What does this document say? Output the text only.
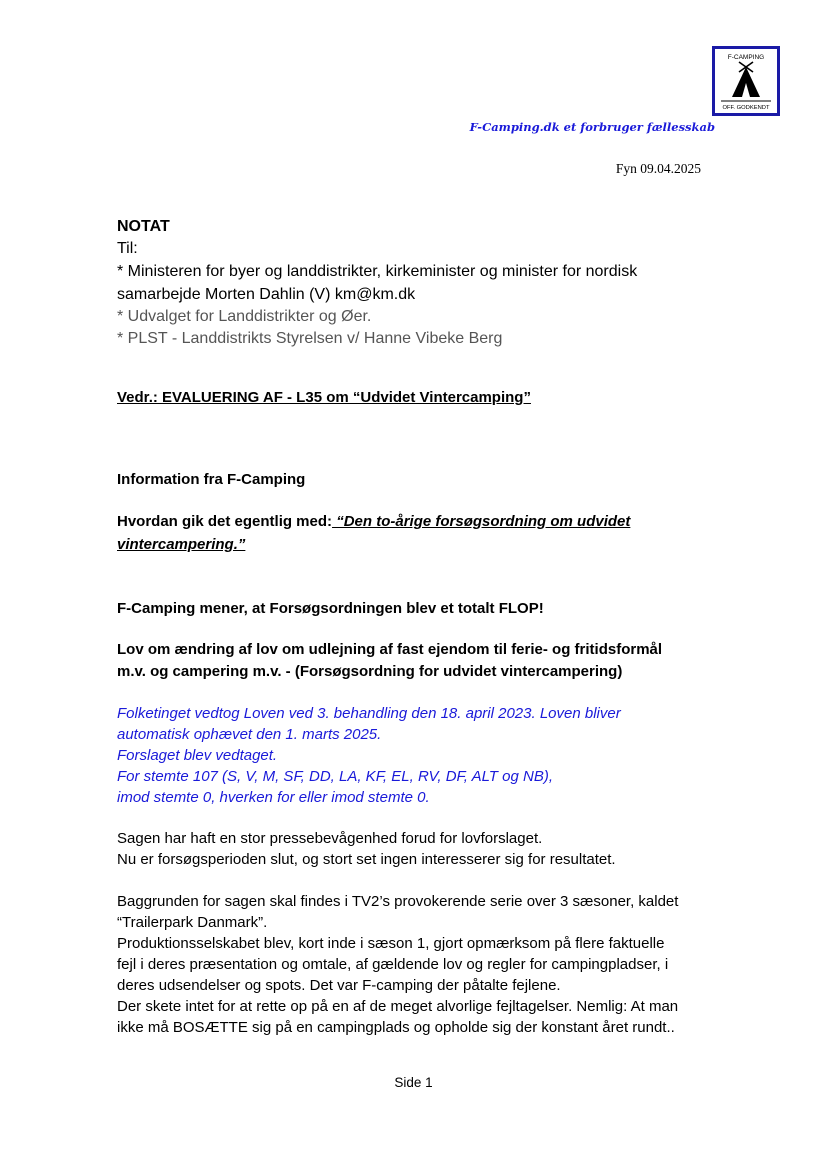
F-CAMPING
OFF. GODKENDT
F-Camping.dk et forbruger fællesskab
Fyn 09.04.2025
NOTAT
Til:
* Ministeren for byer og landdistrikter, kirkeminister og minister for nordisk
samarbejde Morten Dahlin (V) km@km.dk
* Udvalget for Landdistrikter og Øer.
* PLST - Landdistrikts Styrelsen v/ Hanne Vibeke Berg
Vedr.: EVALUERING AF - L35 om “Udvidet Vintercamping”
Information fra F-Camping
Hvordan gik det egentlig med: “Den to-årige forsøgsordning om udvidet
vintercampering.”
F-Camping mener, at Forsøgsordningen blev et totalt FLOP!
Lov om ændring af lov om udlejning af fast ejendom til ferie- og fritidsformål
m.v. og campering m.v. - (Forsøgsordning for udvidet vintercampering)
Folketinget vedtog Loven ved 3. behandling den 18. april 2023. Loven bliver
automatisk ophævet den 1. marts 2025.
Forslaget blev vedtaget.
For stemte 107 (S, V, M, SF, DD, LA, KF, EL, RV, DF, ALT og NB),
imod stemte 0, hverken for eller imod stemte 0.
Sagen har haft en stor pressebevågenhed forud for lovforslaget.
Nu er forsøgsperioden slut, og stort set ingen interesserer sig for resultatet.
Baggrunden for sagen skal findes i TV2’s provokerende serie over 3 sæsoner, kaldet
“Trailerpark Danmark”.
Produktionsselskabet blev, kort inde i sæson 1, gjort opmærksom på flere faktuelle
fejl i deres præsentation og omtale, af gældende lov og regler for campingpladser, i
deres udsendelser og spots. Det var F-camping der påtalte fejlene.
Der skete intet for at rette op på en af de meget alvorlige fejltagelser. Nemlig: At man
ikke må BOSÆTTE sig på en campingplads og opholde sig der konstant året rundt..
Side 1
